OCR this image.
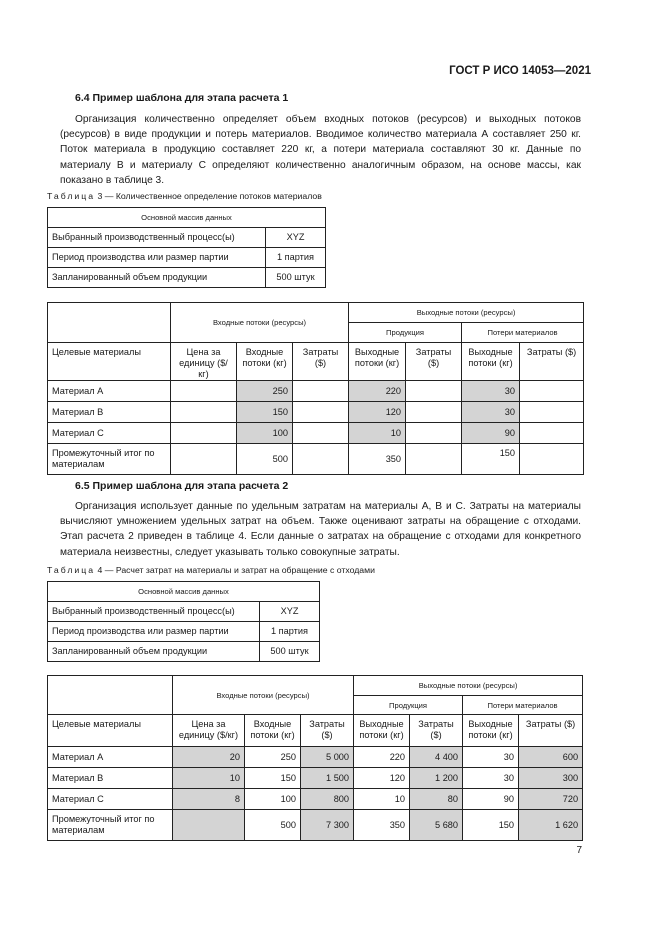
ГОСТ Р ИСО 14053—2021
6.4 Пример шаблона для этапа расчета 1

Организация количественно определяет объем входных потоков (ресурсов) и выходных потоков (ресурсов) в виде продукции и потерь материалов. Вводимое количество материала А составляет 250 кг. Поток материала в продукцию составляет 220 кг, а потери материала составляют 30 кг. Данные по материалу В и материалу С определяют количественно аналогичным образом, на основе массы, как показано в таблице 3.

Таблица 3 — Количественное определение потоков материалов
Основной массив данных	
Выбранный производственный процесс(ы)	XYZ
Период производства или размер партии	1 партия
Запланированный объем продукции	500 штук
	Входные потоки (ресурсы)			Выходные потоки (ресурсы)			
				Продукция		Потери материалов	
Целевые материалы	Цена за единицу ($/кг)	Входные потоки (кг)	Затраты ($)	Выходные потоки (кг)	Затраты ($)	Выходные потоки (кг)	Затраты ($)
Материал А		250		220		30	
Материал В		150		120		30	
Материал С		100		10		90	
Промежуточный итог по материалам		500		350		150	
6.5 Пример шаблона для этапа расчета 2

Организация использует данные по удельным затратам на материалы А, В и С. Затраты на материалы вычисляют умножением удельных затрат на объем. Также оценивают затраты на обращение с отходами. Этап расчета 2 приведен в таблице 4. Если данные о затратах на обращение с отходами для конкретного материала неизвестны, следует указывать только совокупные затраты.

Таблица 4 — Расчет затрат на материалы и затрат на обращение с отходами
Основной массив данных	
Выбранный производственный процесс(ы)	XYZ
Период производства или размер партии	1 партия
Запланированный объем продукции	500 штук
	Входные потоки (ресурсы)			Выходные потоки (ресурсы)			
				Продукция		Потери материалов	
Целевые материалы	Цена за единицу ($/кг)	Входные потоки (кг)	Затраты ($)	Выходные потоки (кг)	Затраты ($)	Выходные потоки (кг)	Затраты ($)
Материал А	20	250	5 000	220	4 400	30	600
Материал В	10	150	1 500	120	1 200	30	300
Материал С	8	100	800	10	80	90	720
Промежуточный итог по материалам		500	7 300	350	5 680	150	1 620
7
